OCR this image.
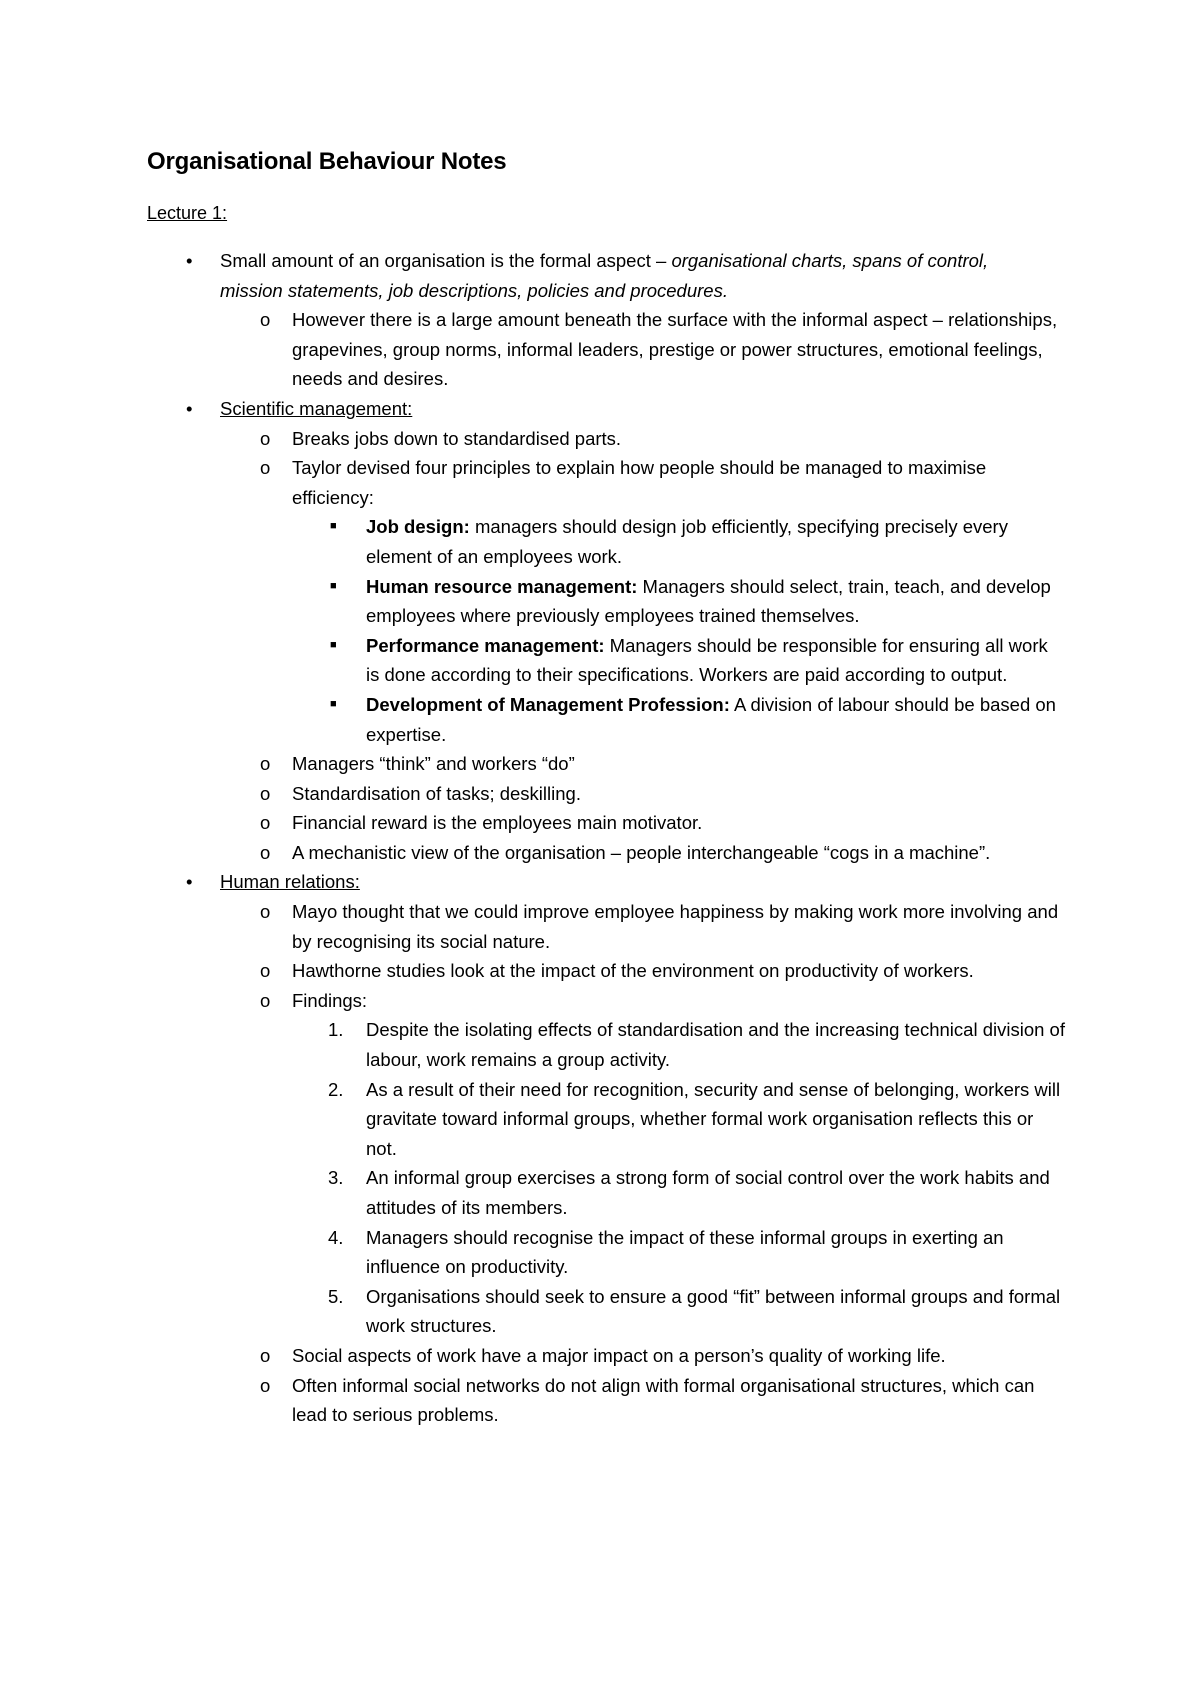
Organisational Behaviour Notes
Lecture 1:
• Small amount of an organisation is the formal aspect – organisational charts, spans of control, mission statements, job descriptions, policies and procedures.
o However there is a large amount beneath the surface with the informal aspect – relationships, grapevines, group norms, informal leaders, prestige or power structures, emotional feelings, needs and desires.
• Scientific management:
o Breaks jobs down to standardised parts.
o Taylor devised four principles to explain how people should be managed to maximise efficiency:
■ Job design: managers should design job efficiently, specifying precisely every element of an employees work.
■ Human resource management: Managers should select, train, teach, and develop employees where previously employees trained themselves.
■ Performance management: Managers should be responsible for ensuring all work is done according to their specifications. Workers are paid according to output.
■ Development of Management Profession: A division of labour should be based on expertise.
o Managers “think” and workers “do”
o Standardisation of tasks; deskilling.
o Financial reward is the employees main motivator.
o A mechanistic view of the organisation – people interchangeable “cogs in a machine”.
• Human relations:
o Mayo thought that we could improve employee happiness by making work more involving and by recognising its social nature.
o Hawthorne studies look at the impact of the environment on productivity of workers.
o Findings:
1. Despite the isolating effects of standardisation and the increasing technical division of labour, work remains a group activity.
2. As a result of their need for recognition, security and sense of belonging, workers will gravitate toward informal groups, whether formal work organisation reflects this or not.
3. An informal group exercises a strong form of social control over the work habits and attitudes of its members.
4. Managers should recognise the impact of these informal groups in exerting an influence on productivity.
5. Organisations should seek to ensure a good “fit” between informal groups and formal work structures.
o Social aspects of work have a major impact on a person’s quality of working life.
o Often informal social networks do not align with formal organisational structures, which can lead to serious problems.
